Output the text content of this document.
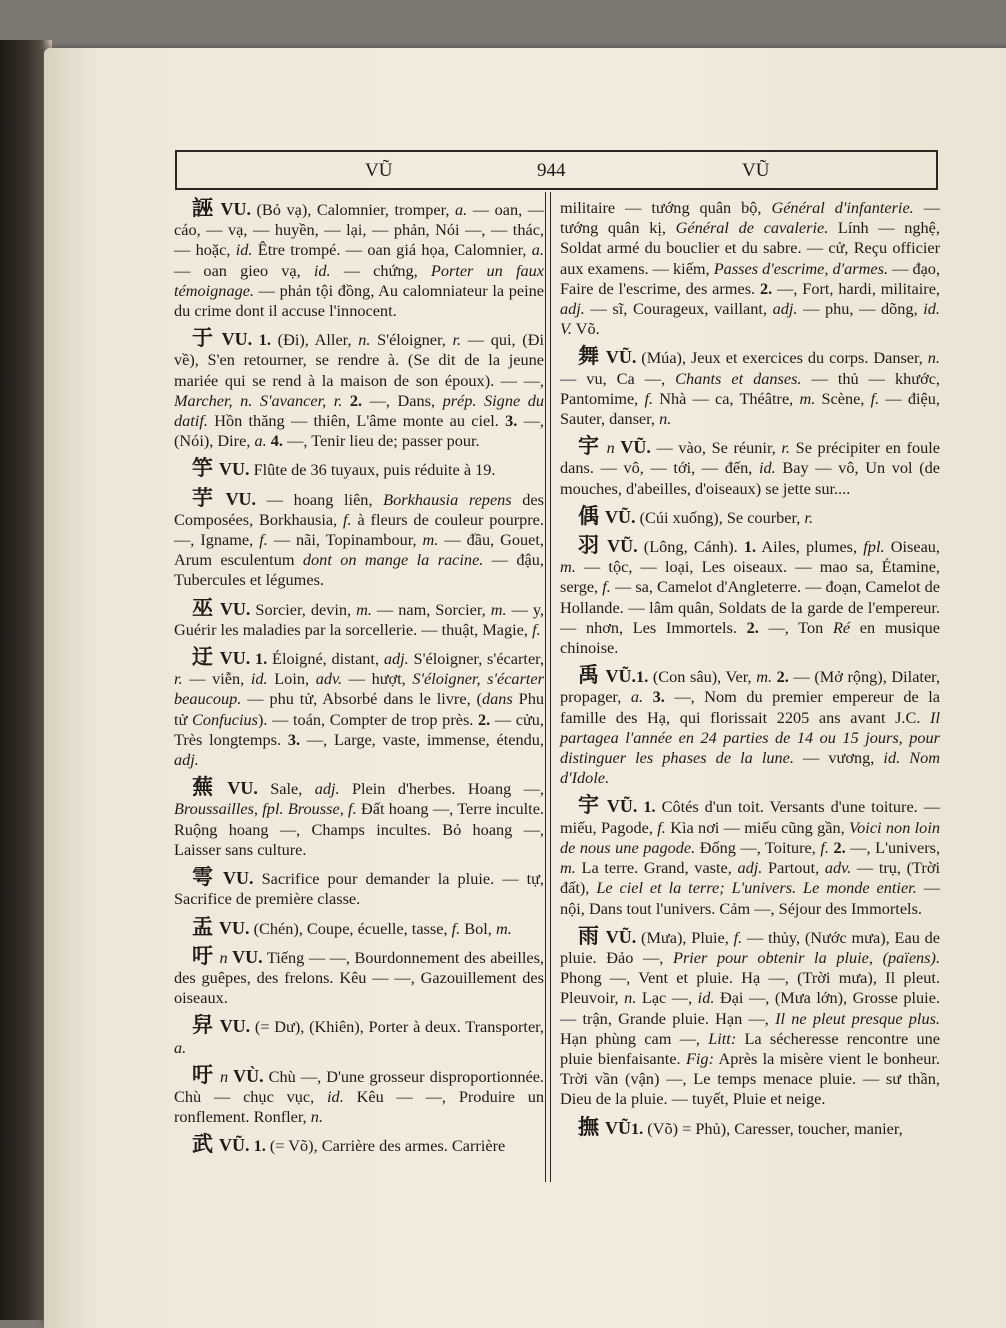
VŨ	944	VŨ
誣 VU. (Bỏ vạ), Calomnier, tromper, a. — oan, — cáo, — vạ, — huyền, — lại, — phản, Nói —, — thác, — hoặc, id. Être trompé. — oan giá họa, Calomnier, a. — oan gieo vạ, id. — chứng, Porter un faux témoignage. — phản tội đồng, Au calomniateur la peine du crime dont il accuse l'innocent.
于 VU. 1. (Đi), Aller, n. S'éloigner, r. — qui, (Đi về), S'en retourner, se rendre à. (Se dit de la jeune mariée qui se rend à la maison de son époux). — —, Marcher, n. S'avancer, r. 2. —, Dans, prép. Signe du datif. Hồn thăng — thiên, L'âme monte au ciel. 3. —, (Nói), Dire, a. 4. —, Tenir lieu de; passer pour.
竽 VU. Flûte de 36 tuyaux, puis réduite à 19.
芋 VU. — hoang liên, Borkhausia repens des Composées, Borkhausia, f. à fleurs de couleur pourpre. —, Igname, f. — nãi, Topinambour, m. — đầu, Gouet, Arum esculentum dont on mange la racine. — đậu, Tubercules et légumes.
巫 VU. Sorcier, devin, m. — nam, Sorcier, m. — y, Guérir les maladies par la sorcellerie. — thuật, Magie, f.
迂 VU. 1. Éloigné, distant, adj. S'éloigner, s'écarter, r. — viễn, id. Loin, adv. — hượt, S'éloigner, s'écarter beaucoup. — phu tử, Absorbé dans le livre, (dans Phu tử Confucius). — toán, Compter de trop près. 2. — cửu, Très longtemps. 3. —, Large, vaste, immense, étendu, adj.
蕪 VU. Sale, adj. Plein d'herbes. Hoang —, Broussailles, fpl. Brousse, f. Đất hoang —, Terre inculte. Ruộng hoang —, Champs incultes. Bỏ hoang —, Laisser sans culture.
雩 VU. Sacrifice pour demander la pluie. — tự, Sacrifice de première classe.
盂 VU. (Chén), Coupe, écuelle, tasse, f. Bol, m.
吁 n VU. Tiếng — —, Bourdonnement des abeilles, des guêpes, des frelons. Kêu — —, Gazouillement des oiseaux.
舁 VU. (= Dư), (Khiên), Porter à deux. Transporter, a.
吁 n VÙ. Chù —, D'une grosseur disproportionnée. Chù — chục vục, id. Kêu — —, Produire un ronflement. Ronfler, n.
武 VŨ. 1. (= Võ), Carrière des armes. Carrière
militaire — tướng quân bộ, Général d'infanterie. — tướng quân kị, Général de cavalerie. Lính — nghệ, Soldat armé du bouclier et du sabre. — cử, Reçu officier aux examens. — kiếm, Passes d'escrime, d'armes. — đạo, Faire de l'escrime, des armes. 2. —, Fort, hardi, militaire, adj. — sĩ, Courageux, vaillant, adj. — phu, — dõng, id. V. Võ.
舞 VŨ. (Múa), Jeux et exercices du corps. Danser, n. — vu, Ca —, Chants et danses. — thủ — khước, Pantomime, f. Nhà — ca, Théâtre, m. Scène, f. — điệu, Sauter, danser, n.
宇 n VŨ. — vào, Se réunir, r. Se précipiter en foule dans. — vô, — tới, — đến, id. Bay — vô, Un vol (de mouches, d'abeilles, d'oiseaux) se jette sur....
偊 VŨ. (Cúi xuống), Se courber, r.
羽 VŨ. (Lông, Cánh). 1. Ailes, plumes, fpl. Oiseau, m. — tộc, — loại, Les oiseaux. — mao sa, Étamine, serge, f. — sa, Camelot d'Angleterre. — đoạn, Camelot de Hollande. — lâm quân, Soldats de la garde de l'empereur. — nhơn, Les Immortels. 2. —, Ton Ré en musique chinoise.
禹 VŨ.1. (Con sâu), Ver, m. 2. — (Mở rộng), Dilater, propager, a. 3. —, Nom du premier empereur de la famille des Hạ, qui florissait 2205 ans avant J.C. Il partagea l'année en 24 parties de 14 ou 15 jours, pour distinguer les phases de la lune. — vương, id. Nom d'Idole.
宇 VŨ. 1. Côtés d'un toit. Versants d'une toiture. — miếu, Pagode, f. Kìa nơi — miếu cũng gần, Voici non loin de nous une pagode. Đống —, Toiture, f. 2. —, L'univers, m. La terre. Grand, vaste, adj. Partout, adv. — trụ, (Trời đất), Le ciel et la terre; L'univers. Le monde entier. — nội, Dans tout l'univers. Cảm —, Séjour des Immortels.
雨 VŨ. (Mưa), Pluie, f. — thủy, (Nước mưa), Eau de pluie. Đảo —, Prier pour obtenir la pluie, (païens). Phong —, Vent et pluie. Hạ —, (Trời mưa), Il pleut. Pleuvoir, n. Lạc —, id. Đại —, (Mưa lớn), Grosse pluie. — trận, Grande pluie. Hạn —, Il ne pleut presque plus. Hạn phùng cam —, Litt: La sécheresse rencontre une pluie bienfaisante. Fig: Après la misère vient le bonheur. Trời vần (vận) —, Le temps menace pluie. — sư thần, Dieu de la pluie. — tuyết, Pluie et neige.
撫 VŨ1. (Võ) = Phủ), Caresser, toucher, manier,
